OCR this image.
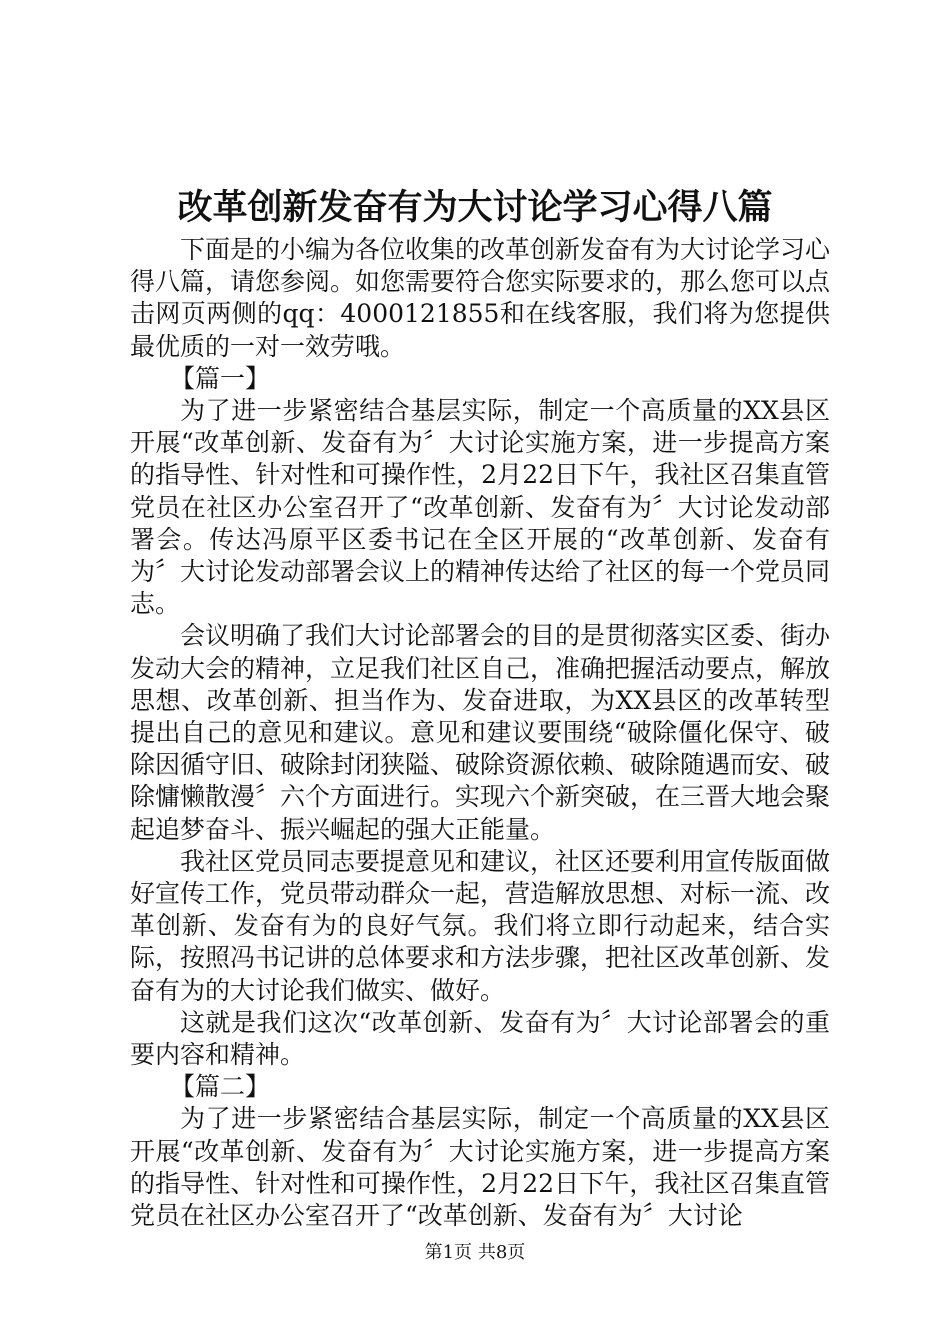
改革创新发奋有为大讨论学习心得八篇

下面是的小编为各位收集的改革创新发奋有为大讨论学习心得八篇，请您参阅。如您需要符合您实际要求的，那么您可以点击网页两侧的qq：4000121855和在线客服，我们将为您提供最优质的一对一效劳哦。

【篇一】

为了进一步紧密结合基层实际，制定一个高质量的XX县区开展“改革创新、发奋有为〞大讨论实施方案，进一步提高方案的指导性、针对性和可操作性，2月22日下午，我社区召集直管党员在社区办公室召开了“改革创新、发奋有为〞大讨论发动部署会。传达冯原平区委书记在全区开展的“改革创新、发奋有为〞大讨论发动部署会议上的精神传达给了社区的每一个党员同志。

会议明确了我们大讨论部署会的目的是贯彻落实区委、街办发动大会的精神，立足我们社区自己，准确把握活动要点，解放思想、改革创新、担当作为、发奋进取，为XX县区的改革转型提出自己的意见和建议。意见和建议要围绕“破除僵化保守、破除因循守旧、破除封闭狭隘、破除资源依赖、破除随遇而安、破除慵懒散漫〞六个方面进行。实现六个新突破，在三晋大地会聚起追梦奋斗、振兴崛起的强大正能量。

我社区党员同志要提意见和建议，社区还要利用宣传版面做好宣传工作，党员带动群众一起，营造解放思想、对标一流、改革创新、发奋有为的良好气氛。我们将立即行动起来，结合实际，按照冯书记讲的总体要求和方法步骤，把社区改革创新、发奋有为的大讨论我们做实、做好。

这就是我们这次“改革创新、发奋有为〞大讨论部署会的重要内容和精神。

【篇二】

为了进一步紧密结合基层实际，制定一个高质量的XX县区开展“改革创新、发奋有为〞大讨论实施方案，进一步提高方案的指导性、针对性和可操作性，2月22日下午，我社区召集直管党员在社区办公室召开了“改革创新、发奋有为〞大讨论

第1页 共8页
